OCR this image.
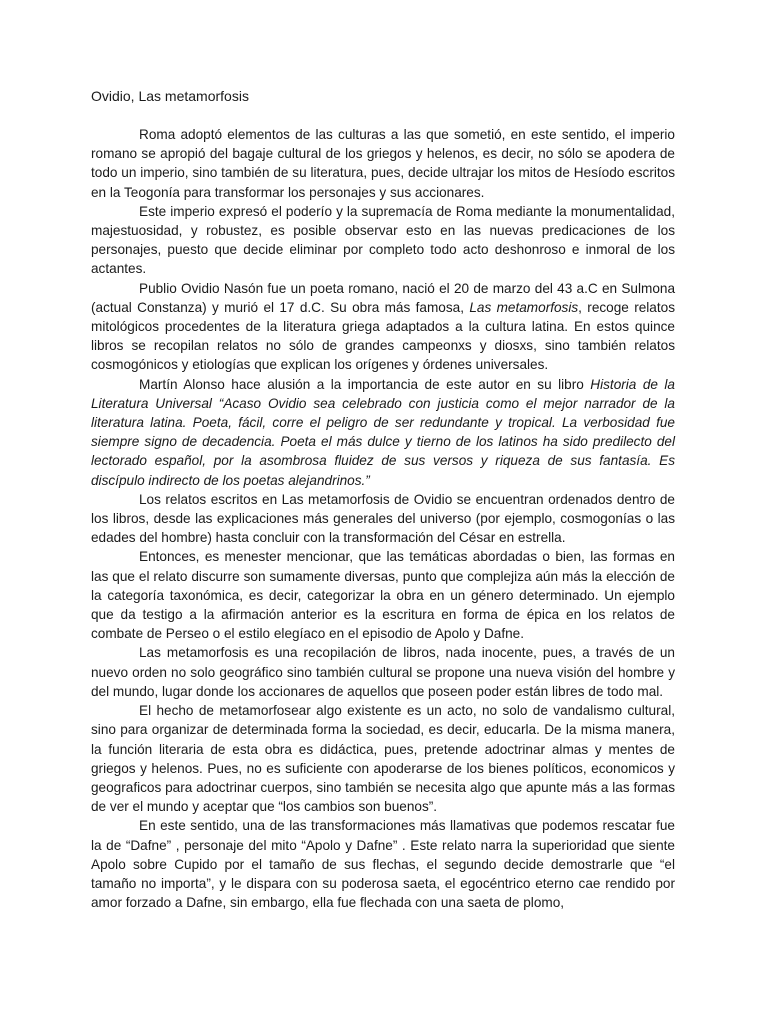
Ovidio, Las metamorfosis

Roma adoptó elementos de las culturas a las que sometió, en este sentido, el imperio romano se apropió del bagaje cultural de los griegos y helenos, es decir, no sólo se apodera de todo un imperio, sino también de su literatura, pues, decide ultrajar los mitos de Hesíodo escritos en la Teogonía para transformar los personajes y sus accionares.

Este imperio expresó el poderío y la supremacía de Roma mediante la monumentalidad, majestuosidad, y robustez, es posible observar esto en las nuevas predicaciones de los personajes, puesto que decide eliminar por completo todo acto deshonroso e inmoral de los actantes.

Publio Ovidio Nasón fue un poeta romano, nació el 20 de marzo del 43 a.C en Sulmona (actual Constanza) y murió el 17 d.C. Su obra más famosa, Las metamorfosis, recoge relatos mitológicos procedentes de la literatura griega adaptados a la cultura latina. En estos quince libros se recopilan relatos no sólo de grandes campeonxs y diosxs, sino también relatos cosmogónicos y etiologías que explican los orígenes y órdenes universales.

Martín Alonso hace alusión a la importancia de este autor en su libro Historia de la Literatura Universal “Acaso Ovidio sea celebrado con justicia como el mejor narrador de la literatura latina. Poeta, fácil, corre el peligro de ser redundante y tropical. La verbosidad fue siempre signo de decadencia. Poeta el más dulce y tierno de los latinos ha sido predilecto del lectorado español, por la asombrosa fluidez de sus versos y riqueza de sus fantasía. Es discípulo indirecto de los poetas alejandrinos.”

Los relatos escritos en Las metamorfosis de Ovidio se encuentran ordenados dentro de los libros, desde las explicaciones más generales del universo (por ejemplo, cosmogonías o las edades del hombre) hasta concluir con la transformación del César en estrella.

Entonces, es menester mencionar, que las temáticas abordadas o bien, las formas en las que el relato discurre son sumamente diversas, punto que complejiza aún más la elección de la categoría taxonómica, es decir, categorizar la obra en un género determinado. Un ejemplo que da testigo a la afirmación anterior es la escritura en forma de épica en los relatos de combate de Perseo o el estilo elegíaco en el episodio de Apolo y Dafne.

Las metamorfosis es una recopilación de libros, nada inocente, pues, a través de un nuevo orden no solo geográfico sino también cultural se propone una nueva visión del hombre y del mundo, lugar donde los accionares de aquellos que poseen poder están libres de todo mal.

El hecho de metamorfosear algo existente es un acto, no solo de vandalismo cultural, sino para organizar de determinada forma la sociedad, es decir, educarla. De la misma manera, la función literaria de esta obra es didáctica, pues, pretende adoctrinar almas y mentes de griegos y helenos. Pues, no es suficiente con apoderarse de los bienes políticos, economicos y geograficos para adoctrinar cuerpos, sino también se necesita algo que apunte más a las formas de ver el mundo y aceptar que “los cambios son buenos”.

En este sentido, una de las transformaciones más llamativas que podemos rescatar fue la de “Dafne” , personaje del mito “Apolo y Dafne” . Este relato narra la superioridad que siente Apolo sobre Cupido por el tamaño de sus flechas, el segundo decide demostrarle que “el tamaño no importa”, y le dispara con su poderosa saeta, el egocéntrico eterno cae rendido por amor forzado a Dafne, sin embargo, ella fue flechada con una saeta de plomo,
